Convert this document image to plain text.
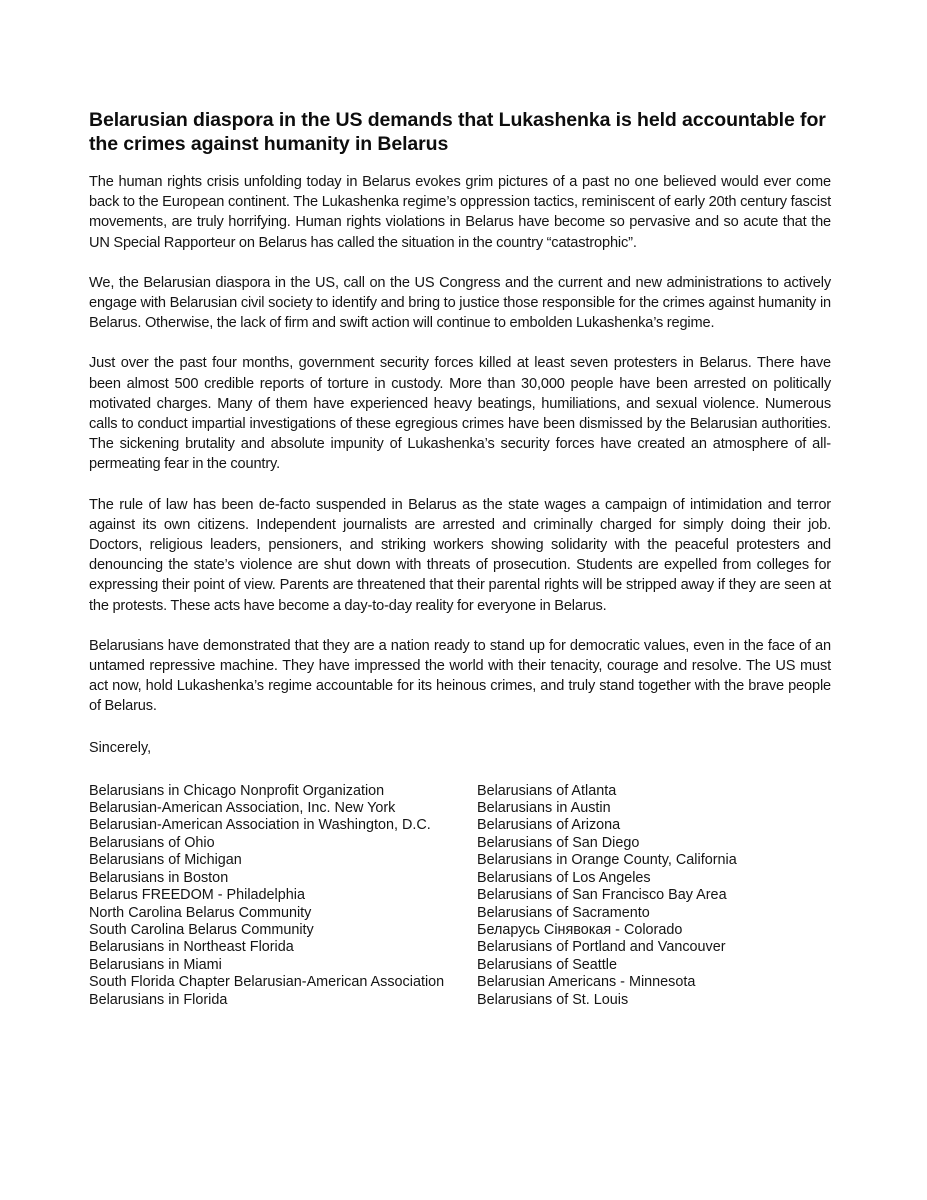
Belarusian diaspora in the US demands that Lukashenka is held accountable for the crimes against humanity in Belarus

The human rights crisis unfolding today in Belarus evokes grim pictures of a past no one believed would ever come back to the European continent. The Lukashenka regime’s oppression tactics, reminiscent of early 20th century fascist movements, are truly horrifying. Human rights violations in Belarus have become so pervasive and so acute that the UN Special Rapporteur on Belarus has called the situation in the country “catastrophic”.

We, the Belarusian diaspora in the US, call on the US Congress and the current and new administrations to actively engage with Belarusian civil society to identify and bring to justice those responsible for the crimes against humanity in Belarus. Otherwise, the lack of firm and swift action will continue to embolden Lukashenka’s regime.

Just over the past four months, government security forces killed at least seven protesters in Belarus. There have been almost 500 credible reports of torture in custody. More than 30,000 people have been arrested on politically motivated charges. Many of them have experienced heavy beatings, humiliations, and sexual violence. Numerous calls to conduct impartial investigations of these egregious crimes have been dismissed by the Belarusian authorities. The sickening brutality and absolute impunity of Lukashenka’s security forces have created an atmosphere of all-permeating fear in the country.

The rule of law has been de-facto suspended in Belarus as the state wages a campaign of intimidation and terror against its own citizens. Independent journalists are arrested and criminally charged for simply doing their job. Doctors, religious leaders, pensioners, and striking workers showing solidarity with the peaceful protesters and denouncing the state’s violence are shut down with threats of prosecution. Students are expelled from colleges for expressing their point of view. Parents are threatened that their parental rights will be stripped away if they are seen at the protests. These acts have become a day-to-day reality for everyone in Belarus.

Belarusians have demonstrated that they are a nation ready to stand up for democratic values, even in the face of an untamed repressive machine. They have impressed the world with their tenacity, courage and resolve. The US must act now, hold Lukashenka’s regime accountable for its heinous crimes, and truly stand together with the brave people of Belarus.

Sincerely,
Belarusians in Chicago Nonprofit Organization
Belarusian-American Association, Inc. New York
Belarusian-American Association in Washington, D.C.
Belarusians of Ohio
Belarusians of Michigan
Belarusians in Boston
Belarus FREEDOM - Philadelphia
North Carolina Belarus Community
South Carolina Belarus Community
Belarusians in Northeast Florida
Belarusians in Miami
South Florida Chapter Belarusian-American Association
Belarusians in Florida
Belarusians of Atlanta
Belarusians in Austin
Belarusians of Arizona
Belarusians of San Diego
Belarusians in Orange County, California
Belarusians of Los Angeles
Belarusians of San Francisco Bay Area
Belarusians of Sacramento
Беларусь Сінявокая - Colorado
Belarusians of Portland and Vancouver
Belarusians of Seattle
Belarusian Americans - Minnesota
Belarusians of St. Louis
